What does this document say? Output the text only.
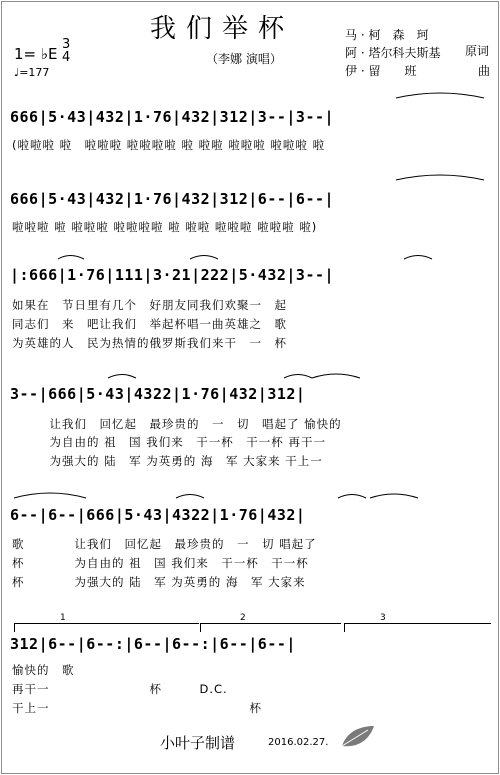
我们举杯
（李娜 演唱）
1= ♭E
3
4
♩=177
马 · 柯　森　珂
阿 · 塔尔科夫斯基
伊 · 留　　班
原词
曲
666|5·43|432|1·76|432|312|3--|3--|
(啦啦啦 啦　啦啦啦 啦啦啦啦 啦 啦啦 啦啦啦 啦啦啦 啦
666|5·43|432|1·76|432|312|6--|6--|
啦啦啦 啦 啦啦啦 啦啦啦啦 啦 啦啦 啦啦啦 啦啦啦 啦)
|:666|1·76|111|3·21|222|5·432|3--|
如果在　节日里有几个　好朋友同我们欢聚一　起
同志们　来　吧让我们　举起杯唱一曲英雄之　歌
为英雄的人　民为热情的俄罗斯我们来干　一　杯
3--|666|5·43|4322|1·76|432|312|
　　　让我们　回忆起　最珍贵的　一　切　唱起了 愉快的
　　　为自由的 祖　国 我们来　干一杯　干一杯 再干一
　　　为强大的 陆　军 为英勇的 海　军 大家来 干上一
6--|6--|666|5·43|4322|1·76|432|
歌　　　　让我们　回忆起　最珍贵的　一　切 唱起了
杯　　　　为自由的 祖　国 我们来　干一杯　干一杯
杯　　　　为强大的 陆　军 为英勇的 海　军 大家来
1	2	3
312|6--|6--:|6--|6--:|6--|6--|
愉快的　歌
再干一　　　　　　　　杯　　　D.C.
干上一　　　　　　　　　　　　　　　　杯
小叶子制谱	2016.02.27.
